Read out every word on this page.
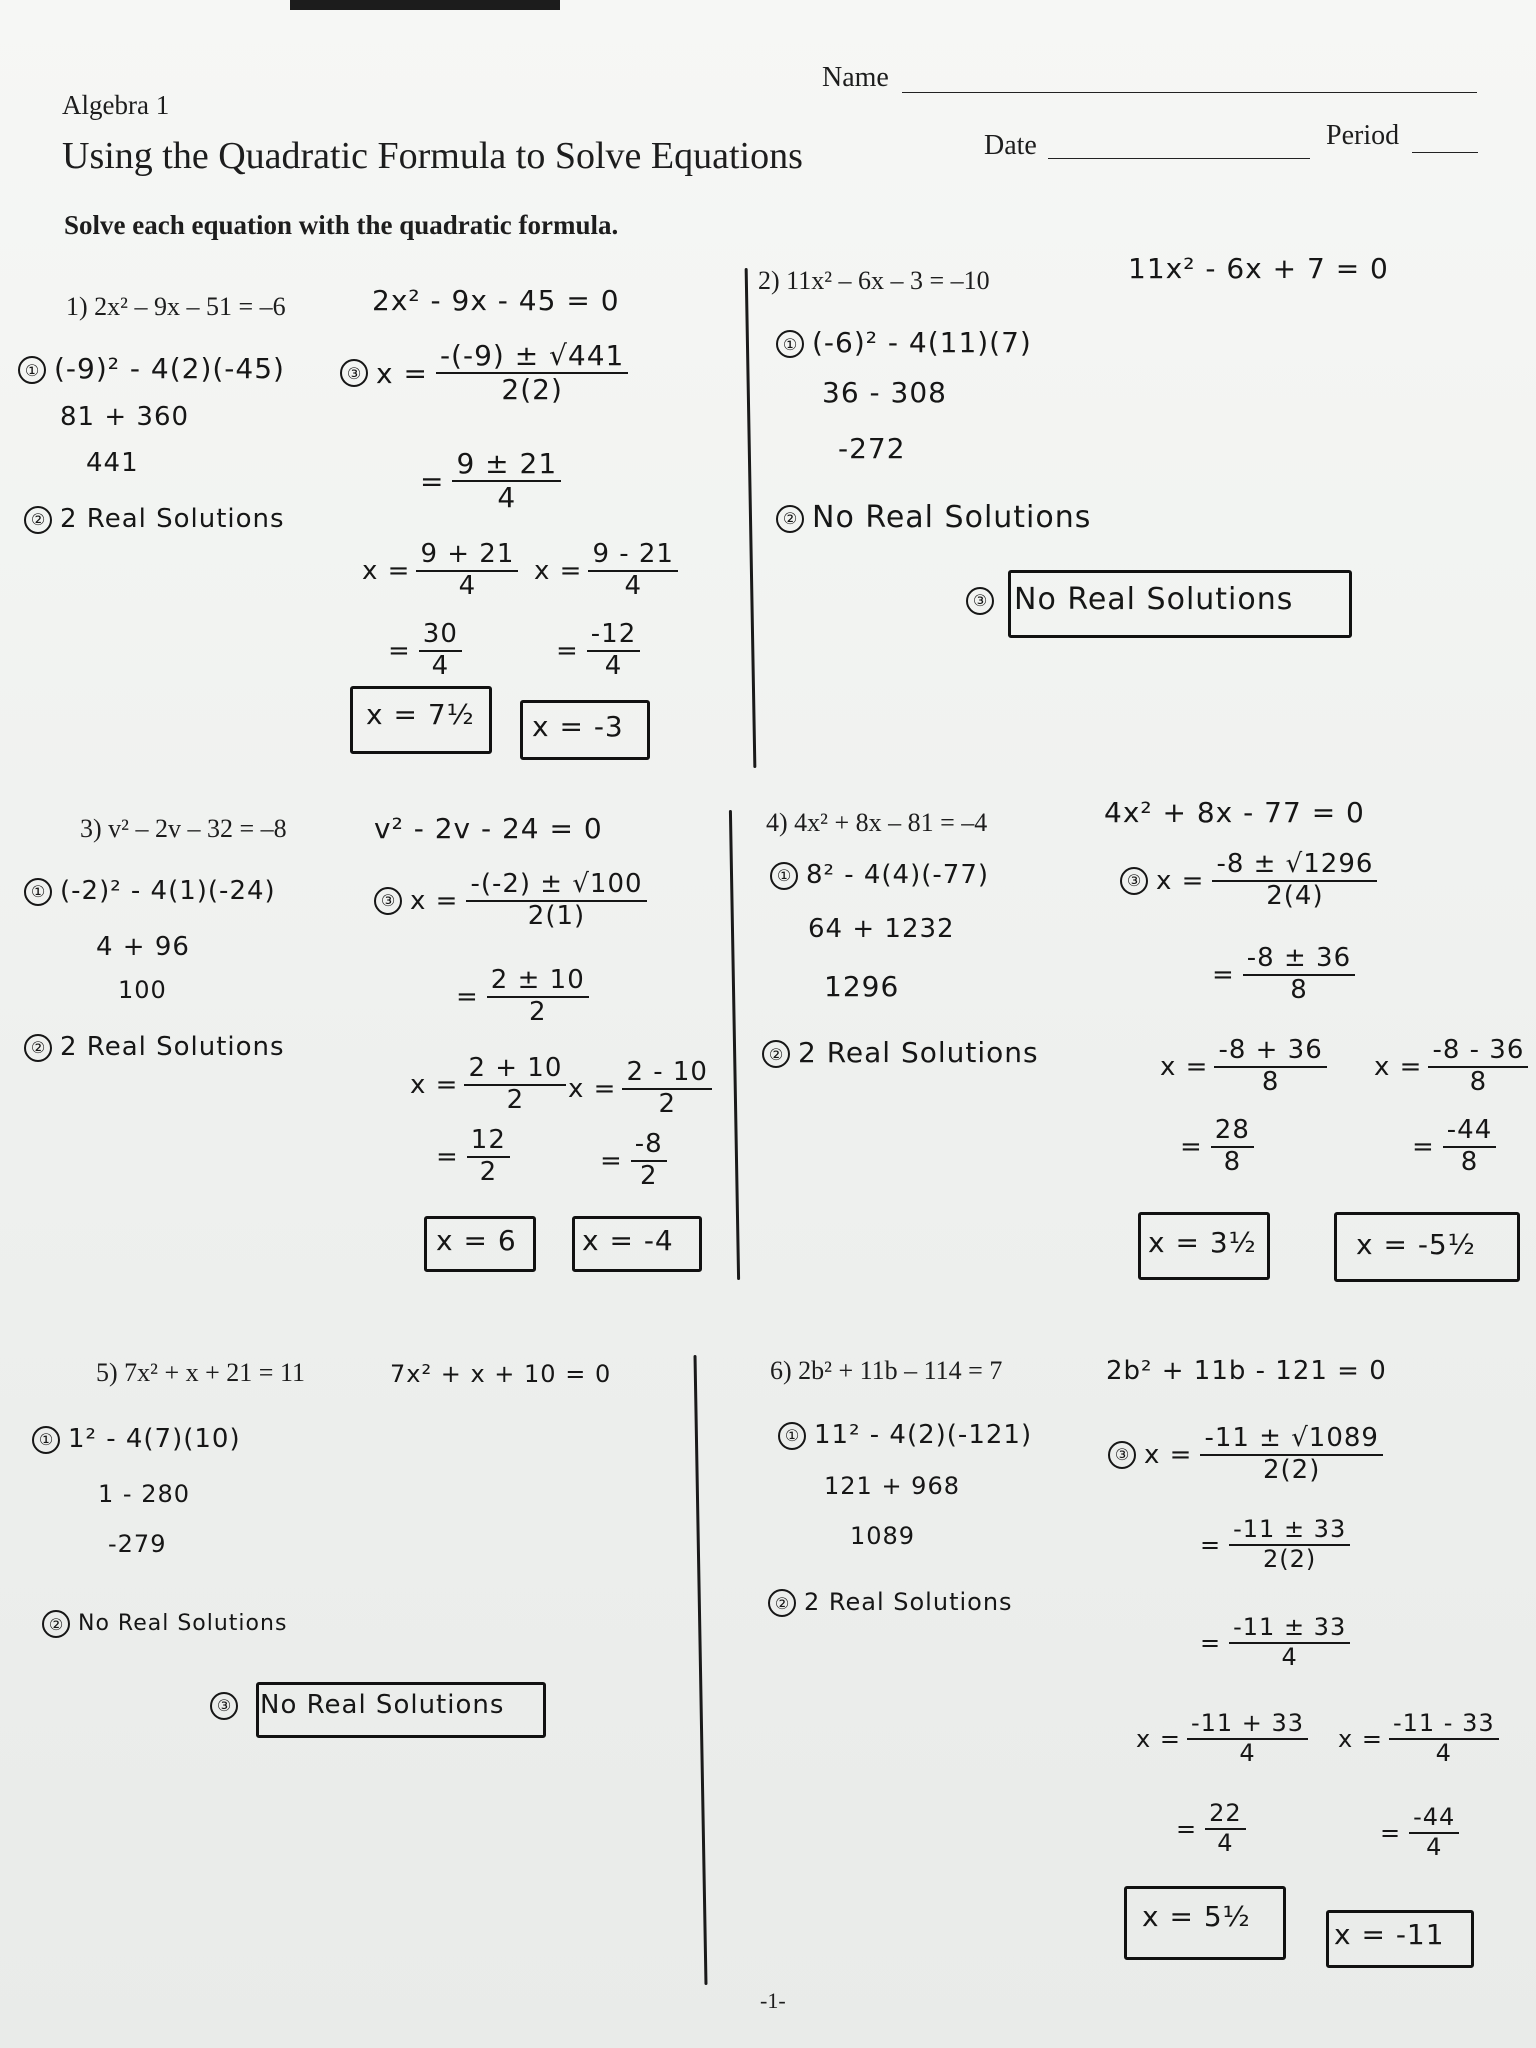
Algebra 1
Using the Quadratic Formula to Solve Equations
Name
Date	Period
Solve each equation with the quadratic formula.
1) 2x² – 9x – 51 = –6	2x² - 9x - 45 = 0
① (-9)² - 4(2)(-45)
81 + 360
441
② 2 Real Solutions
③ $x = \frac{-(-9) \pm √441}{2(2)}$
= $\frac{9 \pm 21}{4}$
$x = \frac{9 + 21}{4}$ $x = \frac{9 - 21}{4}$
= $\frac{30}{4}$	= $\frac{-12}{4}$
x = 7½ x = -3
2) 11x² – 6x – 3 = –10	11x² - 6x + 7 = 0
① (-6)² - 4(11)(7)
36 - 308
-272
② No Real Solutions
③ No Real Solutions
3) v² – 2v – 32 = –8	v² - 2v - 24 = 0
① (-2)² - 4(1)(-24)
4 + 96
100
② 2 Real Solutions
③ $x = \frac{-(-2) \pm √100}{2(1)}$
= $\frac{2 \pm 10}{2}$
$x = \frac{2 + 10}{2}$ $x = \frac{2 - 10}{2}$
= $\frac{12}{2}$	= $\frac{-8}{2}$
x = 6 x = -4
4) 4x² + 8x – 81 = –4	4x² + 8x - 77 = 0
① 8² - 4(4)(-77)
64 + 1232
1296
② 2 Real Solutions
③ $x = \frac{-8 \pm √1296}{2(4)}$
= $\frac{-8 \pm 36}{8}$
$x = \frac{-8 + 36}{8}$ $x = \frac{-8 - 36}{8}$
= $\frac{28}{8}$	= $\frac{-44}{8}$
x = 3½	x = -5½
5) 7x² + x + 21 = 11	7x² + x + 10 = 0
① 1² - 4(7)(10)
1 - 280
-279
② No Real Solutions
③ No Real Solutions
6) 2b² + 11b – 114 = 7	2b² + 11b - 121 = 0
① 11² - 4(2)(-121)
121 + 968
1089
② 2 Real Solutions
③ $x = \frac{-11 \pm √1089}{2(2)}$
= $\frac{-11 \pm 33}{2(2)}$
= $\frac{-11 \pm 33}{4}$
$x = \frac{-11 + 33}{4}$ $x = \frac{-11 - 33}{4}$
= $\frac{22}{4}$	= $\frac{-44}{4}$
x = 5½
x = -11
-1-
